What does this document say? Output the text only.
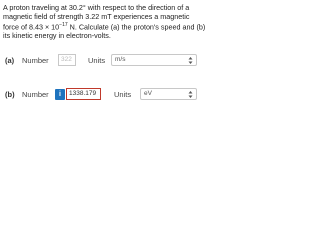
A proton traveling at 30.2° with respect to the direction of a

magnetic field of strength 3.22 mT experiences a magnetic

force of $8.43 \times 10^{-17}$ N. Calculate (a) the proton's speed and (b)

its kinetic energy in electron-volts.

(a) Number	322	Units	m/s
(b) Number	i	1338.179	Units	eV
